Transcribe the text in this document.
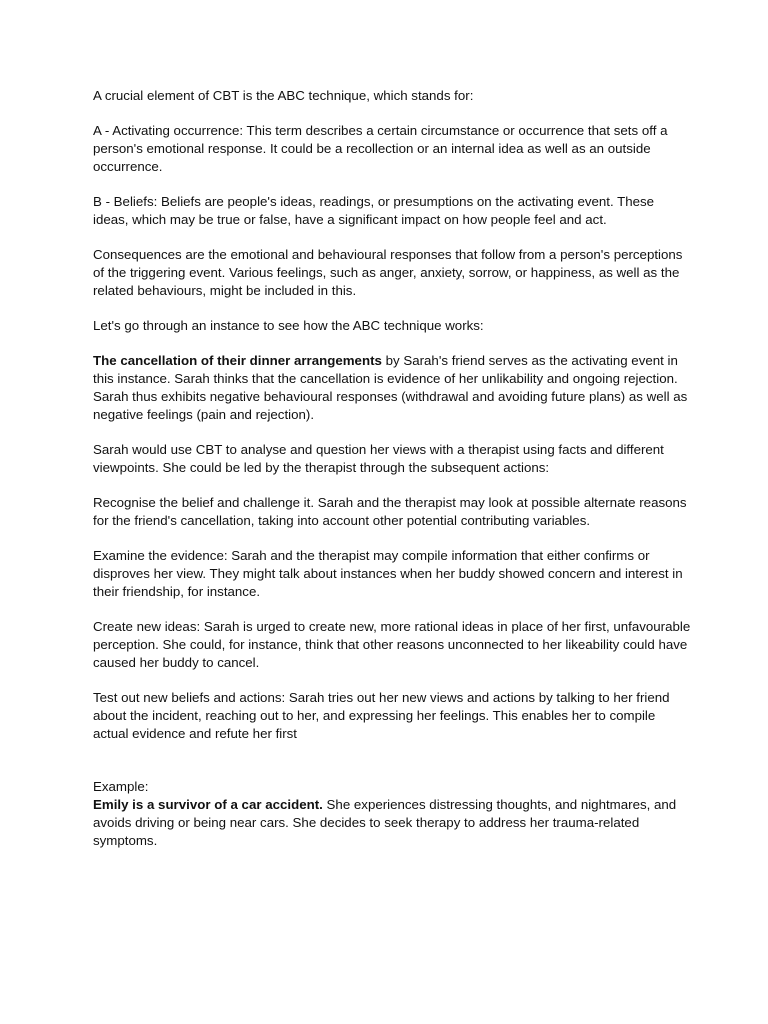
A crucial element of CBT is the ABC technique, which stands for:

A - Activating occurrence: This term describes a certain circumstance or occurrence that sets off a person's emotional response. It could be a recollection or an internal idea as well as an outside occurrence.

B - Beliefs: Beliefs are people's ideas, readings, or presumptions on the activating event. These ideas, which may be true or false, have a significant impact on how people feel and act.

Consequences are the emotional and behavioural responses that follow from a person's perceptions of the triggering event. Various feelings, such as anger, anxiety, sorrow, or happiness, as well as the related behaviours, might be included in this.

Let's go through an instance to see how the ABC technique works:

The cancellation of their dinner arrangements by Sarah's friend serves as the activating event in this instance. Sarah thinks that the cancellation is evidence of her unlikability and ongoing rejection. Sarah thus exhibits negative behavioural responses (withdrawal and avoiding future plans) as well as negative feelings (pain and rejection).

Sarah would use CBT to analyse and question her views with a therapist using facts and different viewpoints. She could be led by the therapist through the subsequent actions:

Recognise the belief and challenge it. Sarah and the therapist may look at possible alternate reasons for the friend's cancellation, taking into account other potential contributing variables.

Examine the evidence: Sarah and the therapist may compile information that either confirms or disproves her view. They might talk about instances when her buddy showed concern and interest in their friendship, for instance.

Create new ideas: Sarah is urged to create new, more rational ideas in place of her first, unfavourable perception. She could, for instance, think that other reasons unconnected to her likeability could have caused her buddy to cancel.

Test out new beliefs and actions: Sarah tries out her new views and actions by talking to her friend about the incident, reaching out to her, and expressing her feelings. This enables her to compile actual evidence and refute her first

Example:

Emily is a survivor of a car accident. She experiences distressing thoughts, and nightmares, and avoids driving or being near cars. She decides to seek therapy to address her trauma-related symptoms.
